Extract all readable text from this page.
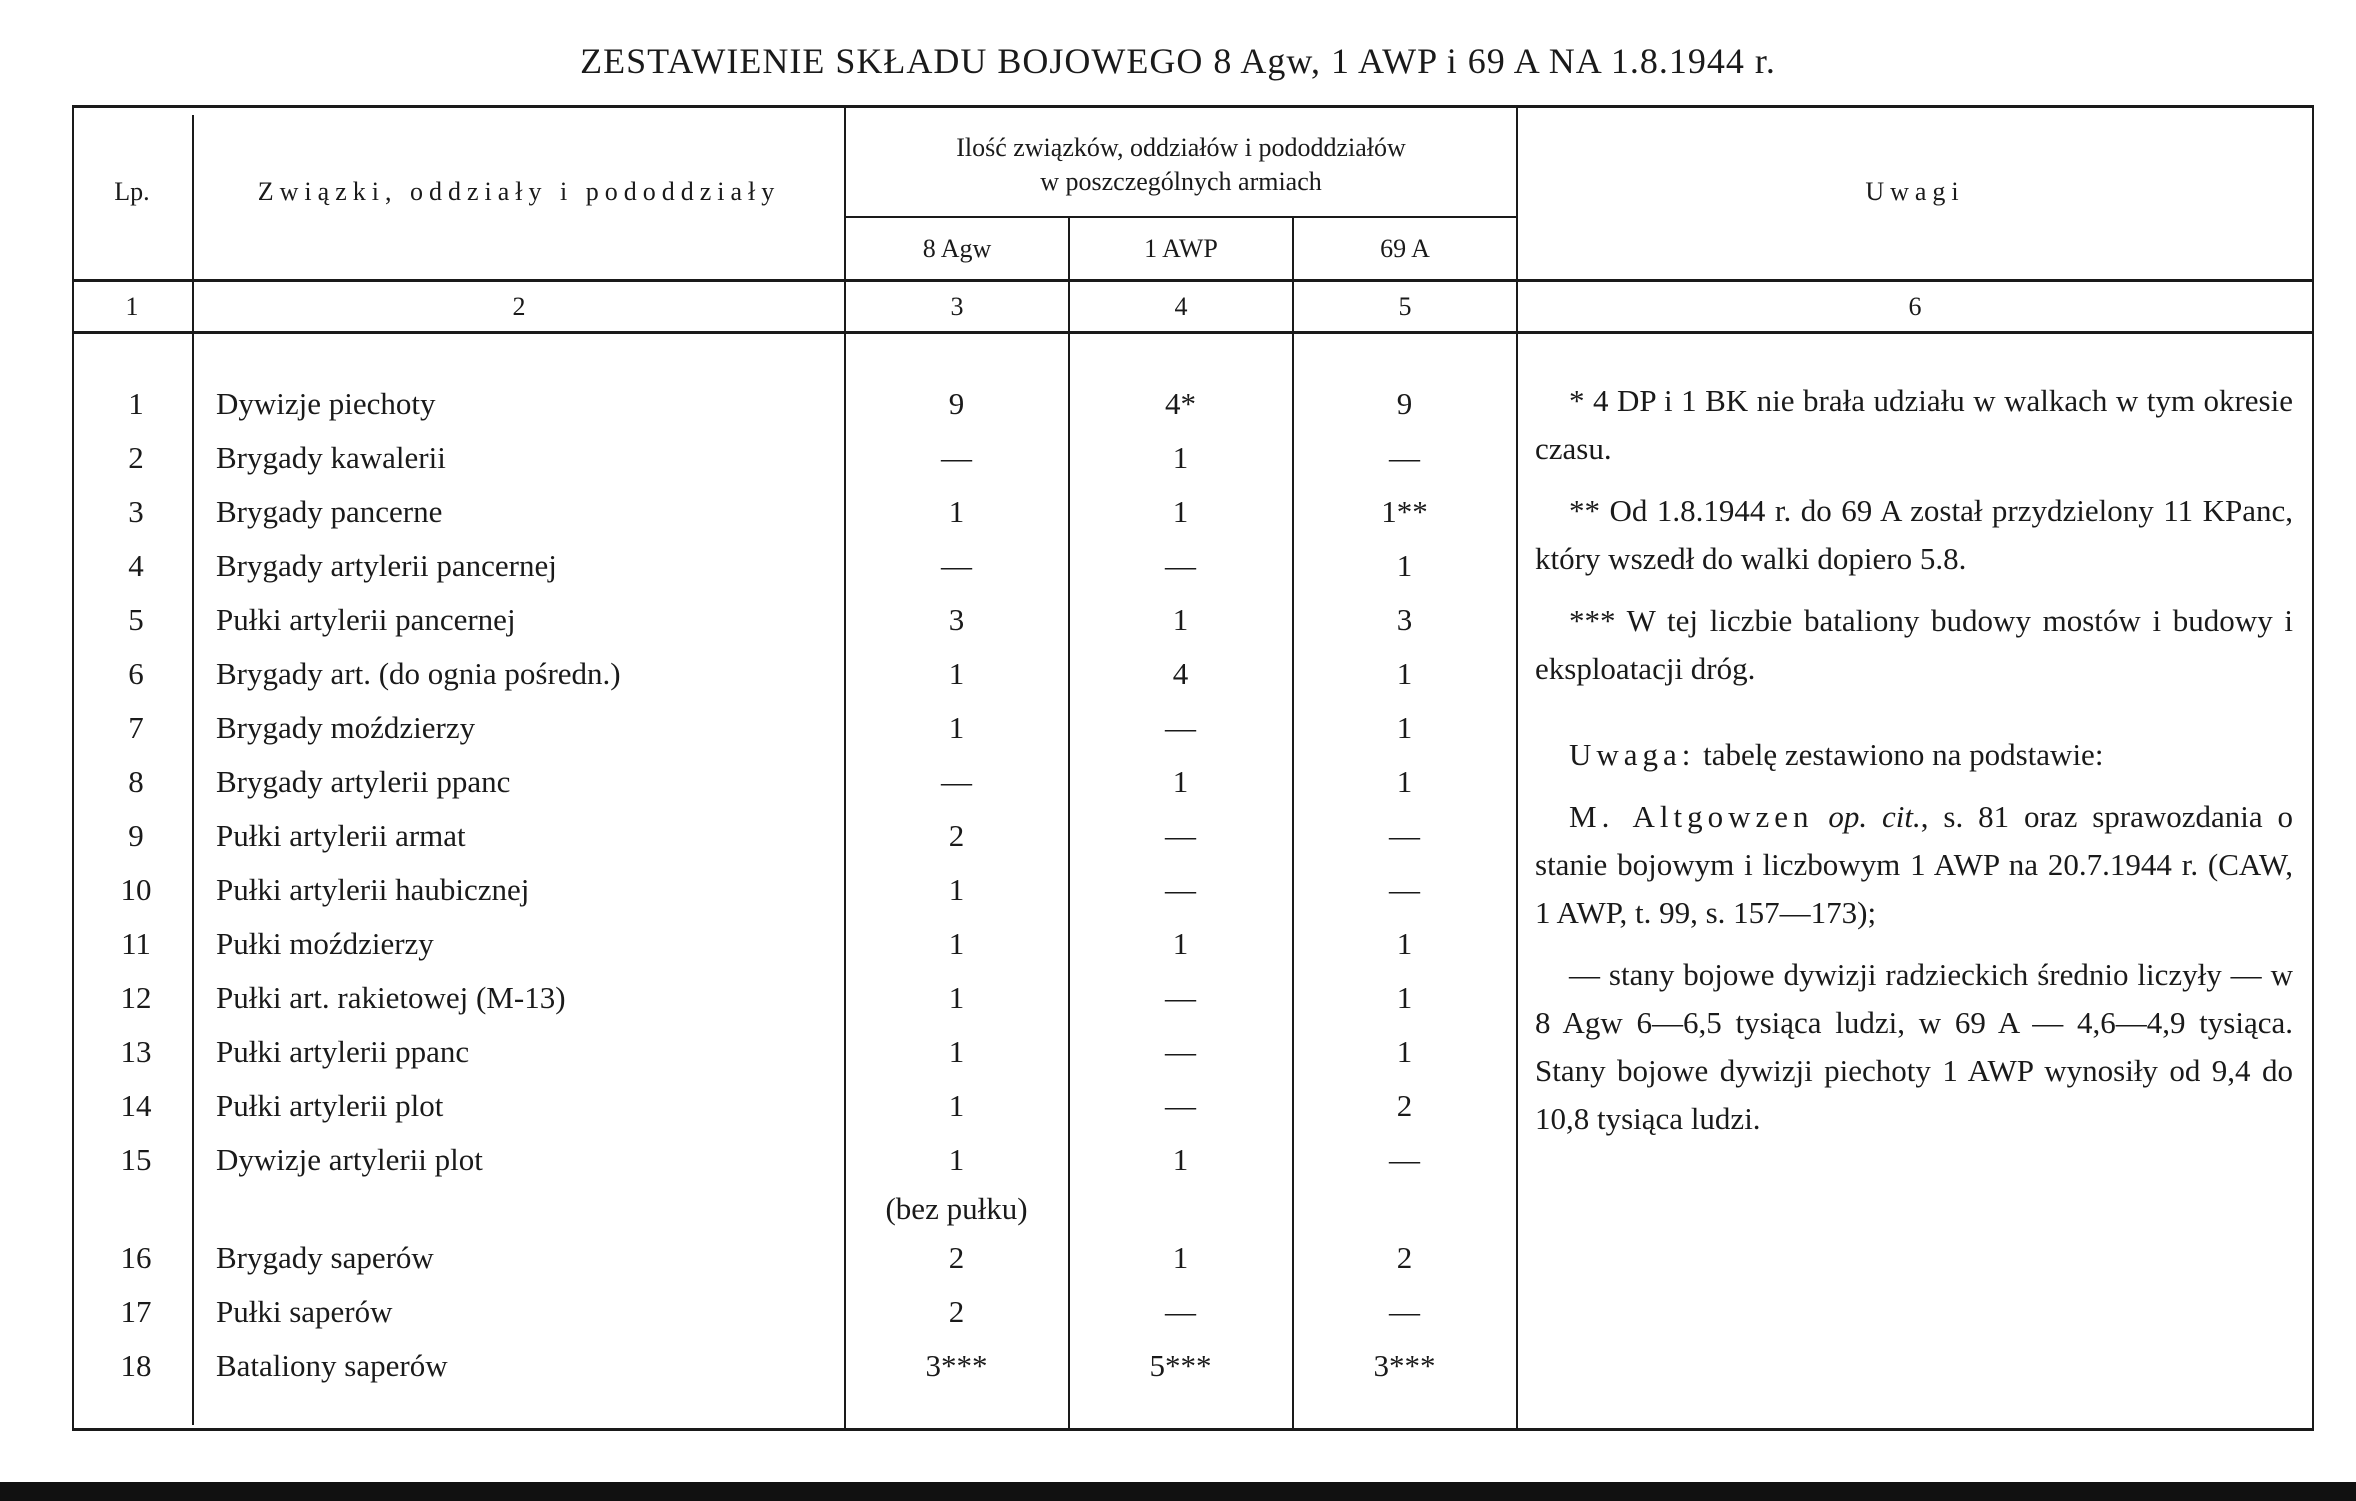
ZESTAWIENIE SKŁADU BOJOWEGO 8 Agw, 1 AWP i 69 A NA 1.8.1944 r.
Lp.	Związki, oddziały i pododdziały
Ilość związków, oddziałów i pododdziałów
w poszczególnych armiach
8 Agw	1 AWP	69 A
Uwagi
1	2	3	4	5	6
1	Dywizje piechoty	9	4*	9
2	Brygady kawalerii	—	1	—
3	Brygady pancerne	1	1	1**
4	Brygady artylerii pancernej	—	—	1
5	Pułki artylerii pancernej	3	1	3
6	Brygady art. (do ognia pośredn.)	1	4	1
7	Brygady moździerzy	1	—	1
8	Brygady artylerii ppanc	—	1	1
9	Pułki artylerii armat	2	—	—
10	Pułki artylerii haubicznej	1	—	—
11	Pułki moździerzy	1	1	1
12	Pułki art. rakietowej (M-13)	1	—	1
13	Pułki artylerii ppanc	1	—	1
14	Pułki artylerii plot	1	—	2
15	Dywizje artylerii plot	1	1	—
(bez pułku)
16	Brygady saperów	2	1	2
17	Pułki saperów	2	—	—
18	Bataliony saperów	3***	5***	3***

* 4 DP i 1 BK nie brała udziału w walkach w tym okresie czasu.

** Od 1.8.1944 r. do 69 A został przydzielony 11 KPanc, który wszedł do walki dopiero 5.8.

*** W tej liczbie bataliony budowy mostów i budowy i eksploatacji dróg.

Uwaga: tabelę zestawiono na podstawie:

M. Altgowzen op. cit., s. 81 oraz sprawozdania o stanie bojowym i liczbowym 1 AWP na 20.7.1944 r. (CAW, 1 AWP, t. 99, s. 157—173);

— stany bojowe dywizji radzieckich średnio liczyły — w 8 Agw 6—6,5 tysiąca ludzi, w 69 A — 4,6—4,9 tysiąca. Stany bojowe dywizji piechoty 1 AWP wynosiły od 9,4 do 10,8 tysiąca ludzi.
